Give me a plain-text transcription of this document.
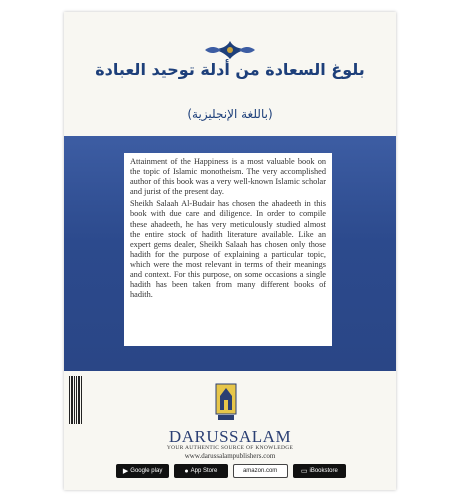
بلوغ السعادة من أدلة توحيد العبادة
(باللغة الإنجليزية)

Attainment of the Happiness is a most valuable book on the topic of Islamic monotheism. The very accomplished author of this book was a very well-known Islamic scholar and jurist of the present day.

Sheikh Salaah Al-Budair has chosen the ahadeeth in this book with due care and diligence. In order to compile these ahadeeth, he has very meticulously studied almost the entire stock of hadith literature available. Like an expert gems dealer, Sheikh Salaah has chosen only those hadith for the purpose of explaining a particular topic, which were the most relevant in terms of their meanings and context. For this purpose, on some occasions a single hadith has been taken from many different books of hadith.

DARUSSALAM
YOUR AUTHENTIC SOURCE OF KNOWLEDGE
www.darussalampublishers.com
▶ Google play	● App Store	amazon.com	▭ iBookstore
